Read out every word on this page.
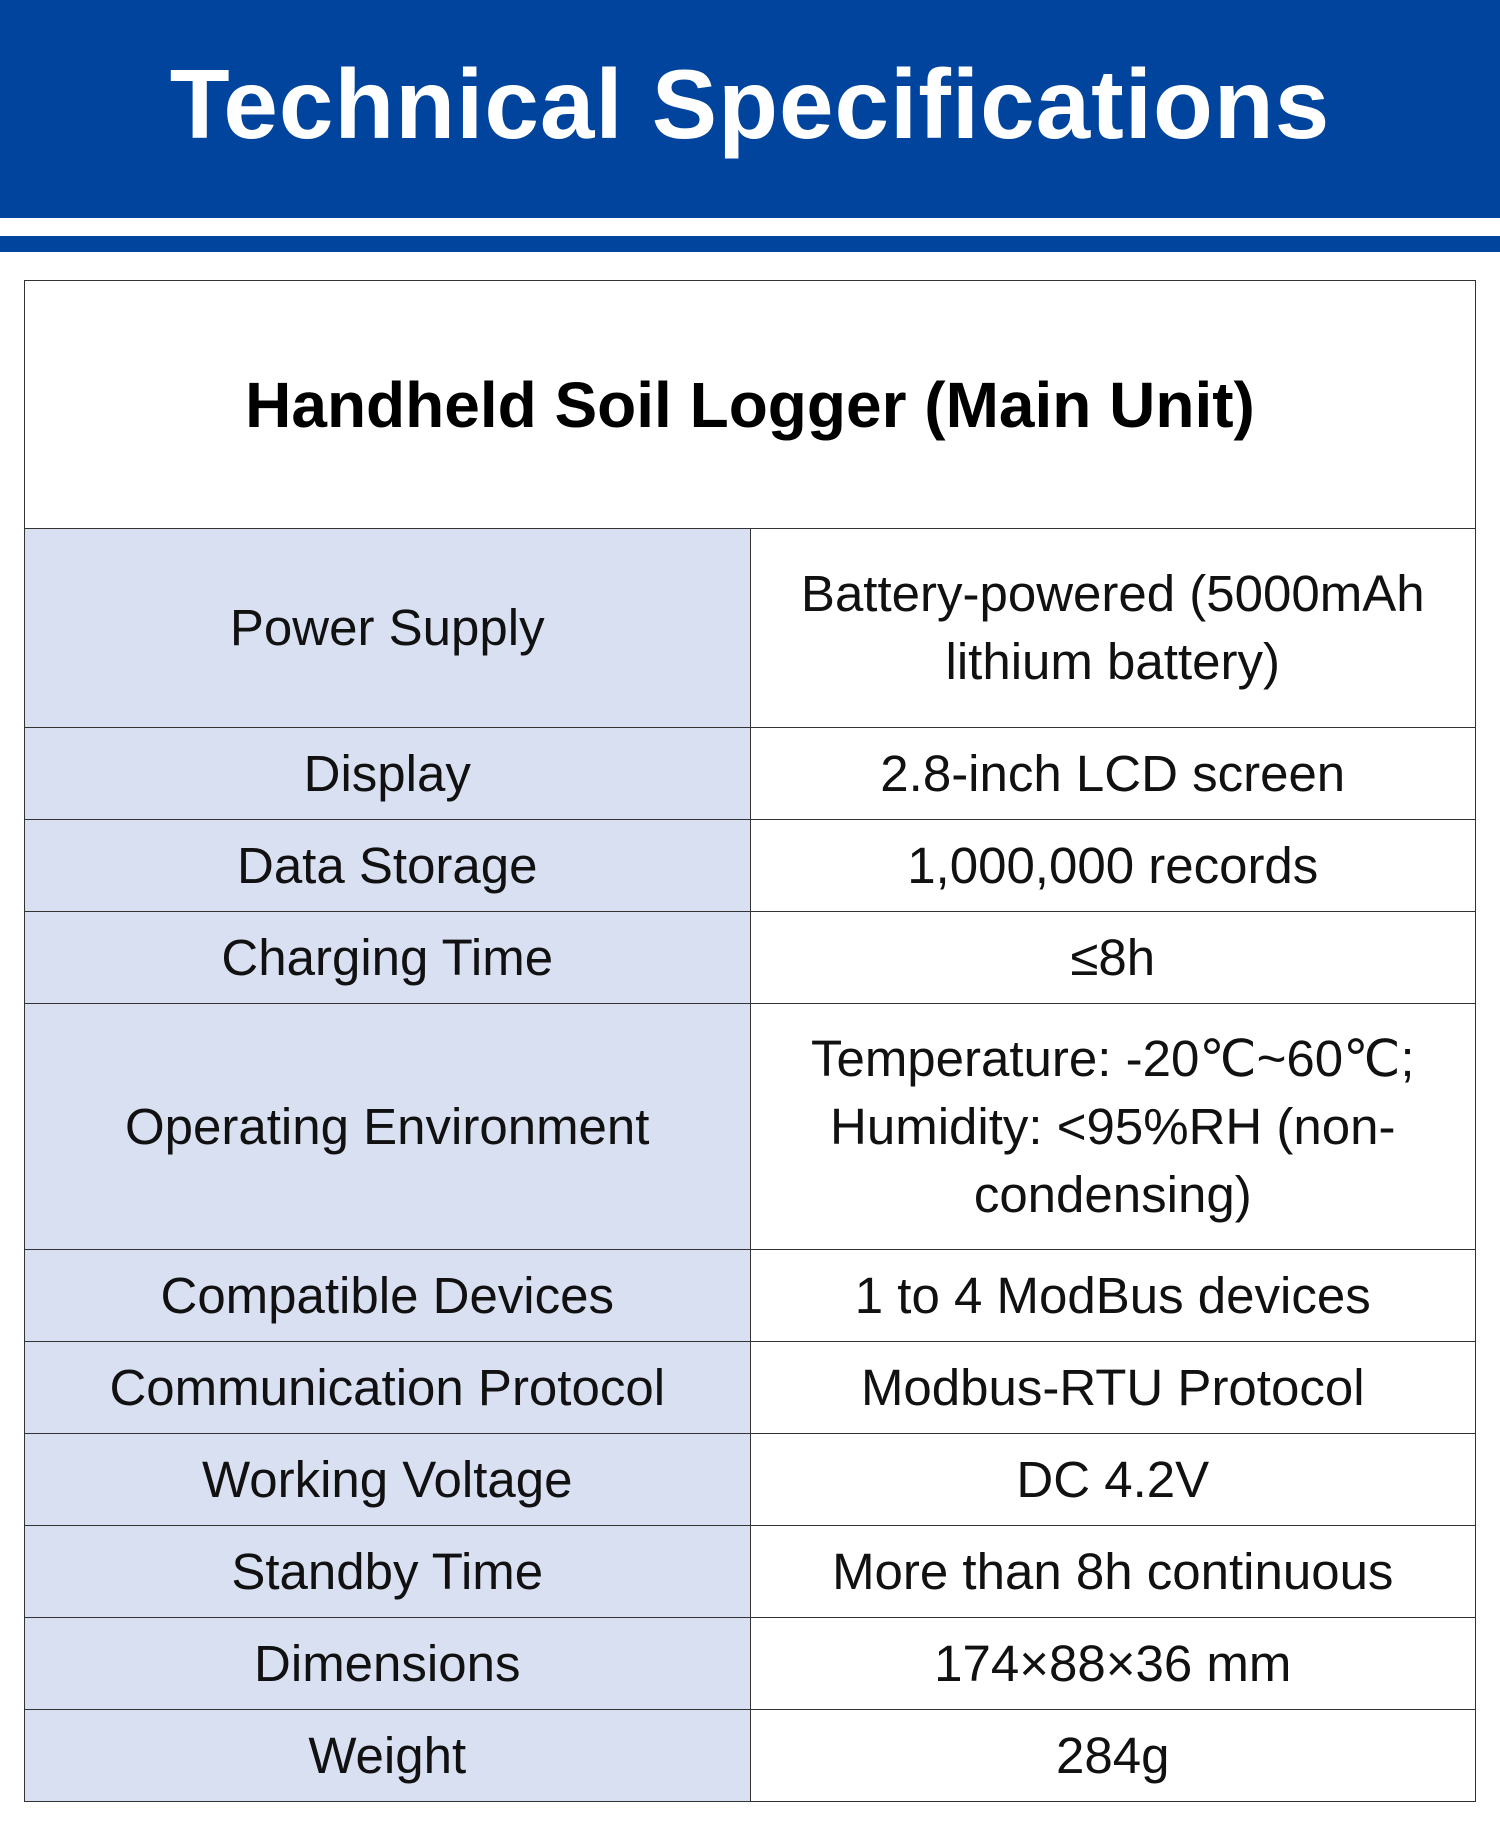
Technical Specifications
Handheld Soil Logger (Main Unit)	
Power Supply	Battery-powered (5000mAh lithium battery)
Display	2.8-inch LCD screen
Data Storage	1,000,000 records
Charging Time	≤8h
Operating Environment	Temperature: -20℃~60℃; Humidity: <95%RH (non-condensing)
Compatible Devices	1 to 4 ModBus devices
Communication Protocol	Modbus-RTU Protocol
Working Voltage	DC 4.2V
Standby Time	More than 8h continuous
Dimensions	174×88×36 mm
Weight	284g
